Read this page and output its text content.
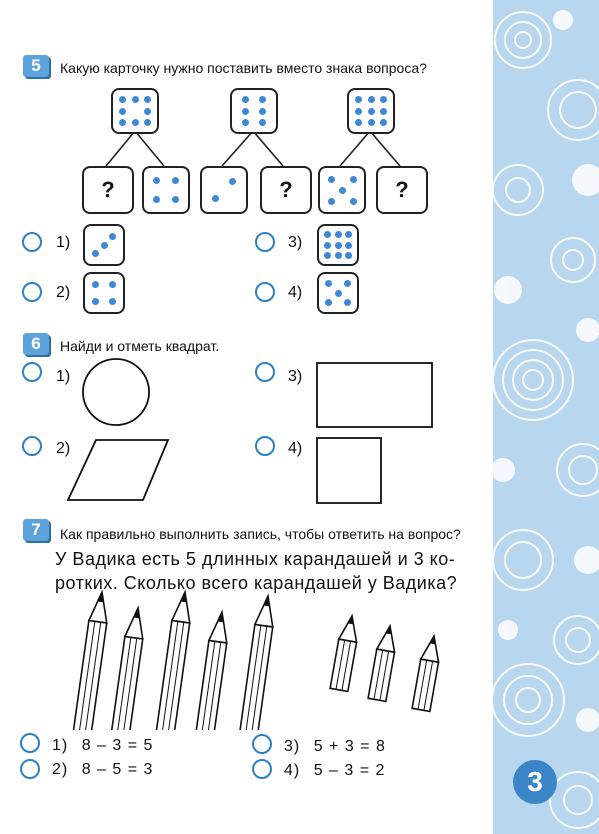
5	Какую карточку нужно поставить вместо знака вопроса?
?	?	?
1)
2)
3)
4)
6	Найди и отметь квадрат.
1)
2)
3)
4)
7	Как правильно выполнить запись, чтобы ответить на вопрос?
У Вадика есть 5 длинных карандашей и 3 ко-
ротких. Сколько всего карандашей у Вадика?
1) 8 – 3 = 5
2) 8 – 5 = 3
3) 5 + 3 = 8
4) 5 – 3 = 2	3
